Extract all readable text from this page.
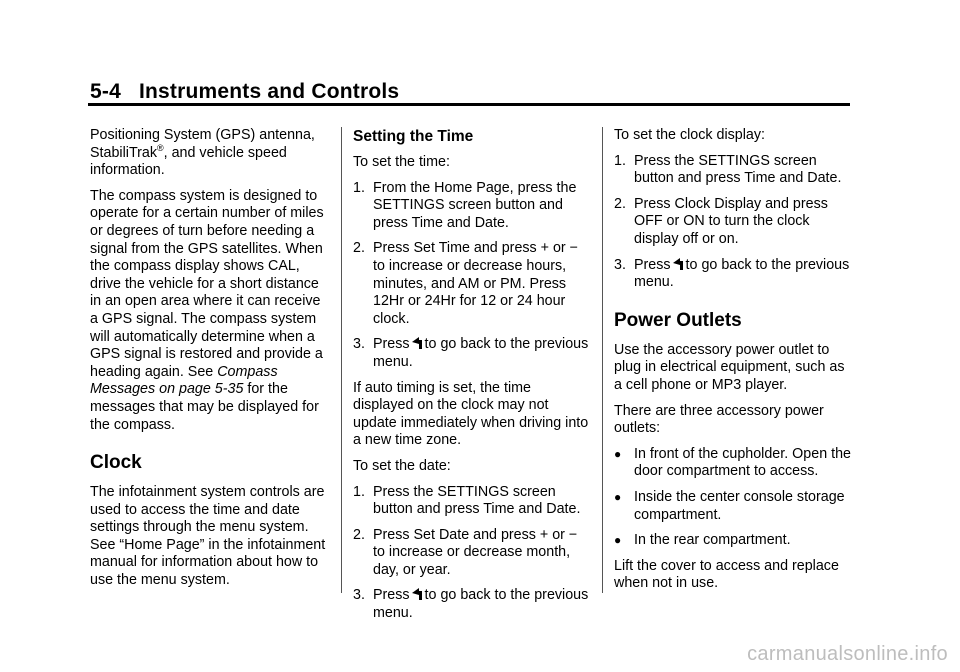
5-4 Instruments and Controls

Positioning System (GPS) antenna, StabiliTrak®, and vehicle speed information.

The compass system is designed to operate for a certain number of miles or degrees of turn before needing a signal from the GPS satellites. When the compass display shows CAL, drive the vehicle for a short distance in an open area where it can receive a GPS signal. The compass system will automatically determine when a GPS signal is restored and provide a heading again. See Compass Messages on page 5-35 for the messages that may be displayed for the compass.

Clock

The infotainment system controls are used to access the time and date settings through the menu system. See “Home Page” in the infotainment manual for information about how to use the menu system.

Setting the Time

To set the time:

1. From the Home Page, press the SETTINGS screen button and press Time and Date.
2. Press Set Time and press + or − to increase or decrease hours, minutes, and AM or PM. Press 12Hr or 24Hr for 12 or 24 hour clock.
3. Press to go back to the previous menu.

If auto timing is set, the time displayed on the clock may not update immediately when driving into a new time zone.

To set the date:

1. Press the SETTINGS screen button and press Time and Date.
2. Press Set Date and press + or − to increase or decrease month, day, or year.
3. Press to go back to the previous menu.

To set the clock display:

1. Press the SETTINGS screen button and press Time and Date.
2. Press Clock Display and press OFF or ON to turn the clock display off or on.
3. Press to go back to the previous menu.
Power Outlets

Use the accessory power outlet to plug in electrical equipment, such as a cell phone or MP3 player.

There are three accessory power outlets:

● In front of the cupholder. Open the door compartment to access.
● Inside the center console storage compartment.
● In the rear compartment.

Lift the cover to access and replace when not in use.

carmanualsonline.info
